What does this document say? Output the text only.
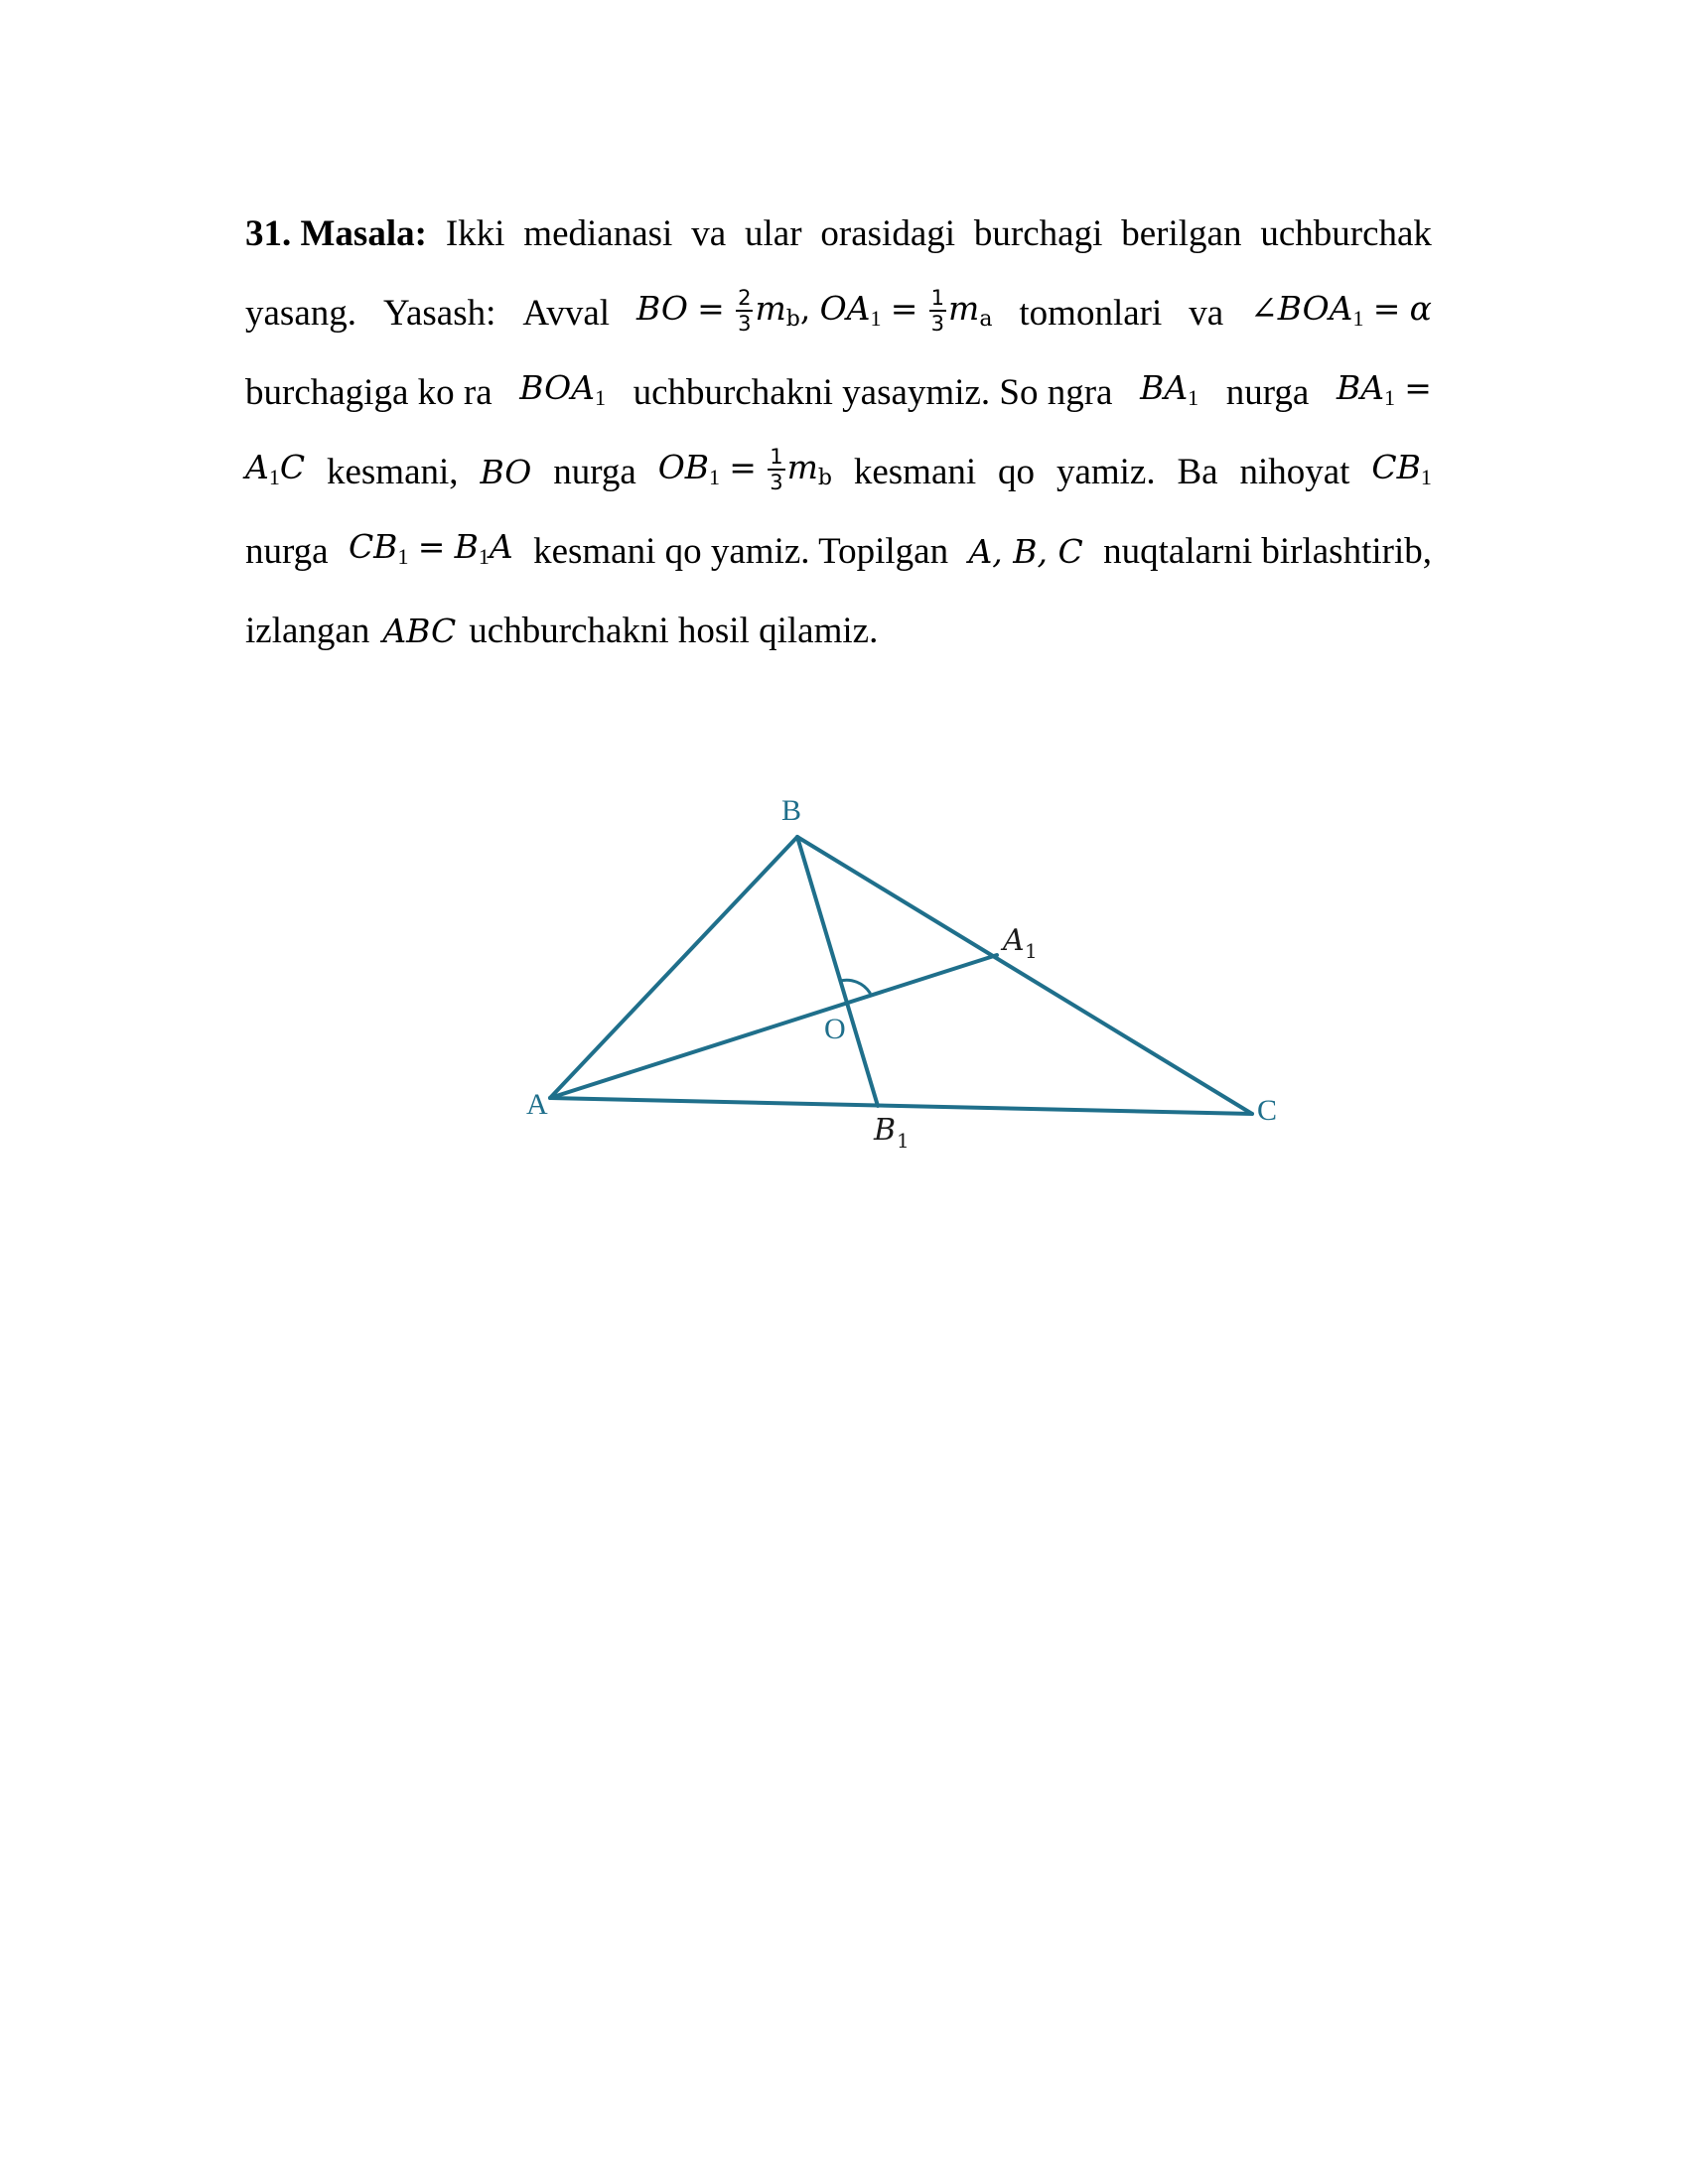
31. Masala: Ikki medianasi va ular orasidagi burchagi berilgan uchburchak
yasang. Yasash: Avval BO = $\frac{2}{3} m_b$, $OA_1 = \frac{1}{3} m_a$ tomonlari va $\angle BOA_1 = \alpha$
burchagiga ko ra $BOA_1$ uchburchakni yasaymiz. So ngra $BA_1$ nurga $BA_1$ =
$A_1C$ kesmani, BO nurga $OB_1 = \frac{1}{3} m_b$ kesmani qo yamiz. Ba nihoyat $CB_1$
nurga $CB_1 = B_1A$ kesmani qo yamiz. Topilgan A, B, C nuqtalarni birlashtirib,
izlangan ABC uchburchakni hosil qilamiz.
B
A	C
O
A 1
B 1
